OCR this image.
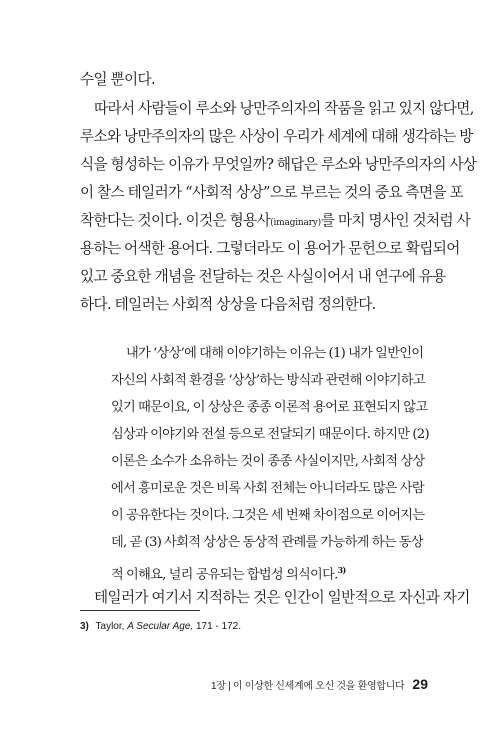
수일 뿐이다.
따라서 사람들이 루소와 낭만주의자의 작품을 읽고 있지 않다면,
루소와 낭만주의자의 많은 사상이 우리가 세계에 대해 생각하는 방
식을 형성하는 이유가 무엇일까? 해답은 루소와 낭만주의자의 사상
이 찰스 테일러가 “사회적 상상”으로 부르는 것의 중요 측면을 포
착한다는 것이다. 이것은 형용사(imaginary)를 마치 명사인 것처럼 사
용하는 어색한 용어다. 그렇더라도 이 용어가 문헌으로 확립되어
있고 중요한 개념을 전달하는 것은 사실이어서 내 연구에 유용
하다. 테일러는 사회적 상상을 다음처럼 정의한다.
내가 ‘상상’에 대해 이야기하는 이유는 (1) 내가 일반인이
자신의 사회적 환경을 ‘상상’하는 방식과 관련해 이야기하고
있기 때문이요, 이 상상은 종종 이론적 용어로 표현되지 않고
심상과 이야기와 전설 등으로 전달되기 때문이다. 하지만 (2)
이론은 소수가 소유하는 것이 종종 사실이지만, 사회적 상상
에서 흥미로운 것은 비록 사회 전체는 아니더라도 많은 사람
이 공유한다는 것이다. 그것은 세 번째 차이점으로 이어지는
데, 곧 (3) 사회적 상상은 동상적 관례를 가능하게 하는 동상
적 이해요, 널리 공유되는 합법성 의식이다.$^{3)}$
테일러가 여기서 지적하는 것은 인간이 일반적으로 자신과 자기
3) Taylor, A Secular Age, 171 - 172.
1장 | 이 이상한 신세계에 오신 것을 환영합니다 29
